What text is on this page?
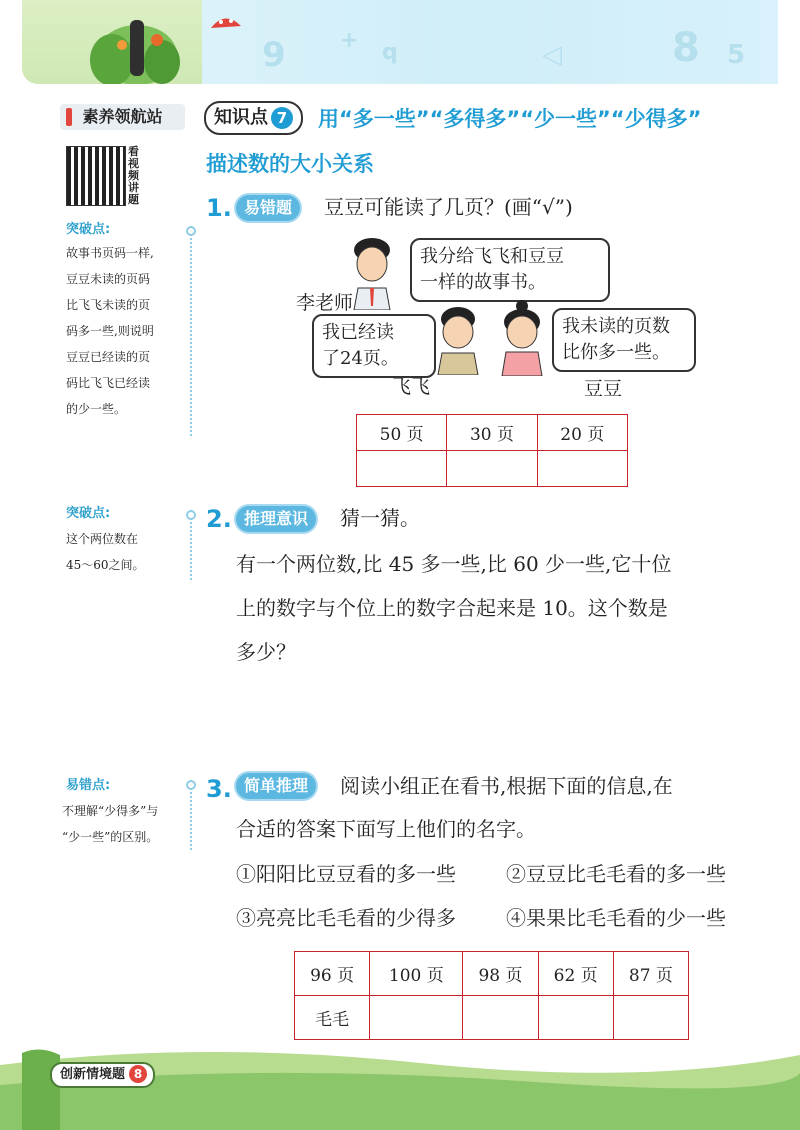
9 + q	◁	8 5
素养领航站
看
视
频
讲
题
突破点:
故事书页码一样,
豆豆未读的页码
比飞飞未读的页
码多一些,则说明
豆豆已经读的页
码比飞飞已经读
的少一些。
突破点:
这个两位数在
45～60之间。
易错点:
不理解“少得多”与
“少一些”的区别。
知识点 7	用“多一些”“多得多”“少一些”“少得多”
描述数的大小关系
1. 易错题	豆豆可能读了几页？(画“√”)
李老师
我分给飞飞和豆豆
一样的故事书。
我已经读
了24页。
飞飞
我未读的页数
比你多一些。
豆豆
50 页	30 页	20 页

2. 推理意识	猜一猜。
有一个两位数,比 45 多一些,比 60 少一些,它十位
上的数字与个位上的数字合起来是 10。这个数是
多少？
3. 简单推理	阅读小组正在看书,根据下面的信息,在
合适的答案下面写上他们的名字。
①阳阳比豆豆看的多一些	②豆豆比毛毛看的多一些
③亮亮比毛毛看的少得多	④果果比毛毛看的少一些
96 页	100 页	98 页	62 页	87 页
毛毛				
创新情境题 8
